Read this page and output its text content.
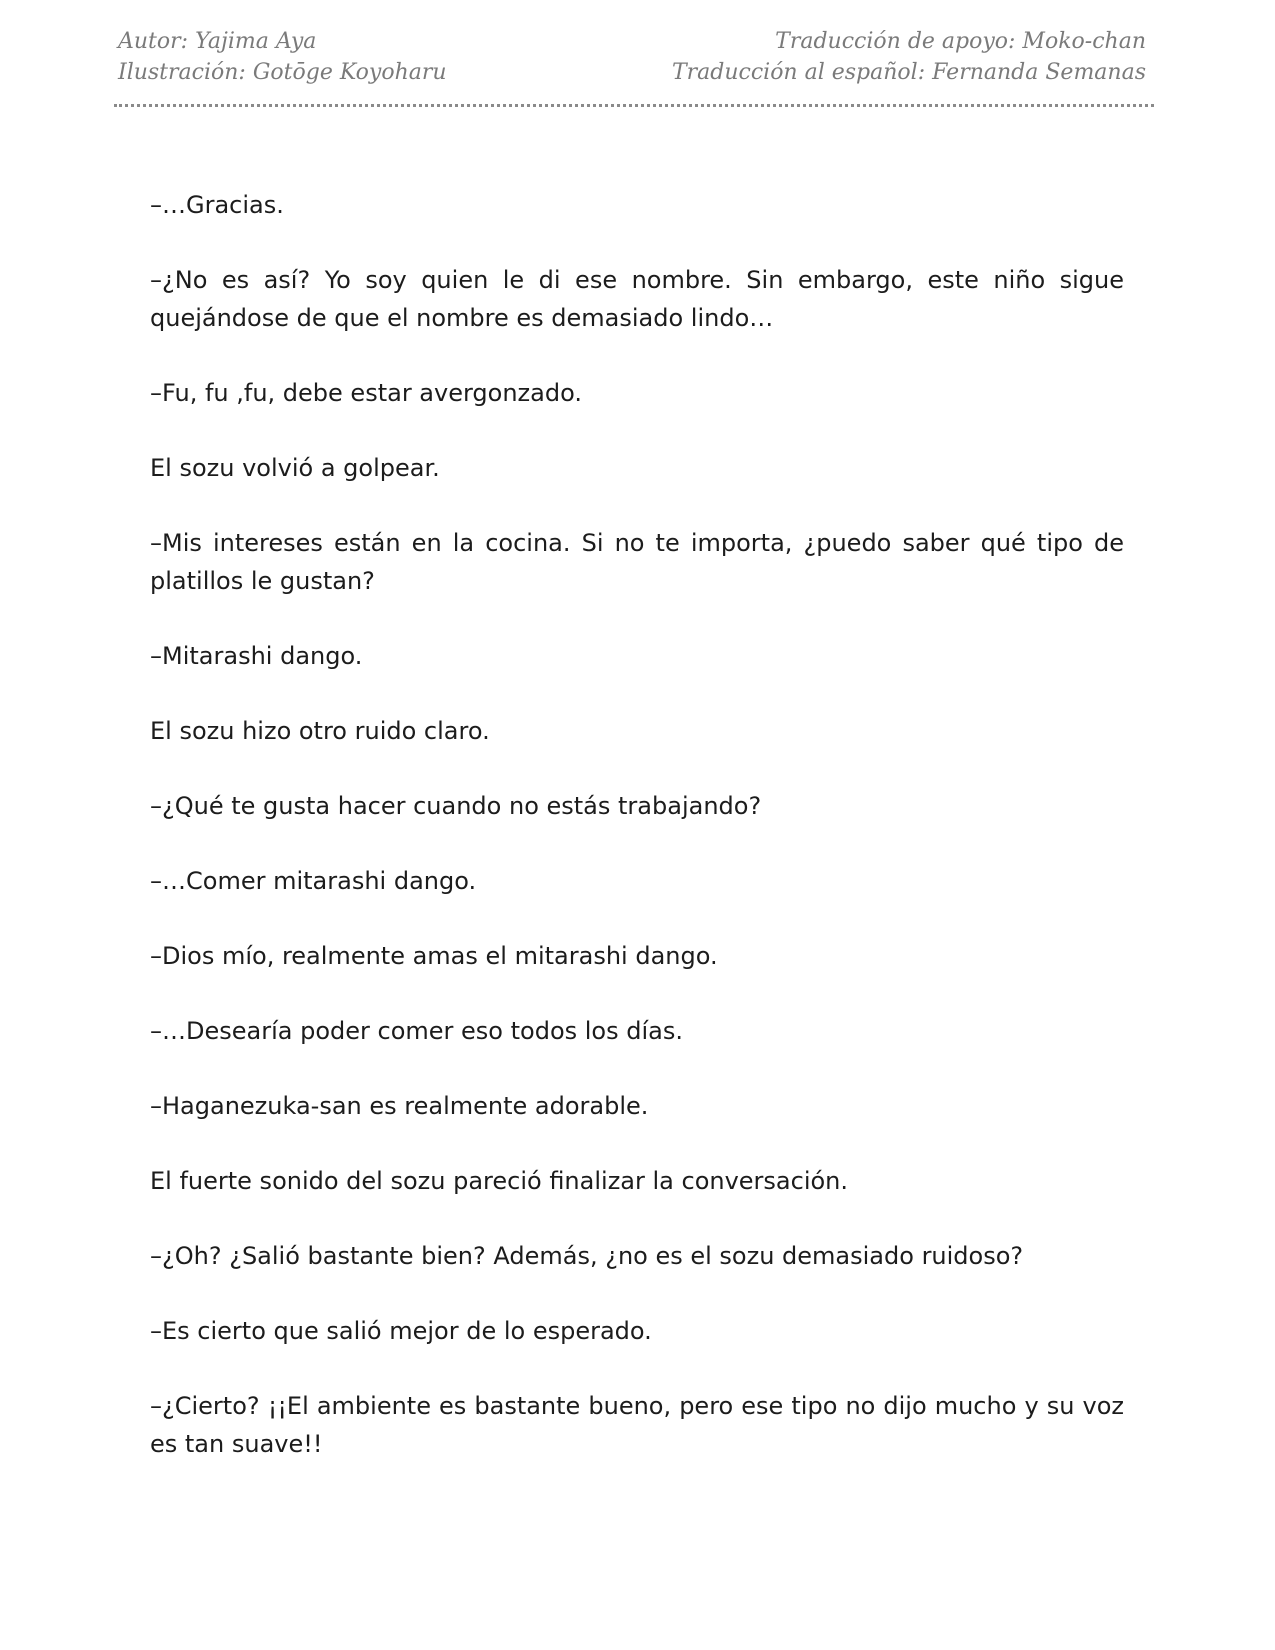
Autor: Yajima Aya
Ilustración: Gotōge Koyoharu
Traducción de apoyo: Moko-chan
Traducción al español: Fernanda Semanas

–…Gracias.

–¿No es así? Yo soy quien le di ese nombre. Sin embargo, este niño sigue quejándose de que el nombre es demasiado lindo…

–Fu, fu ,fu, debe estar avergonzado.

El sozu volvió a golpear.

–Mis intereses están en la cocina. Si no te importa, ¿puedo saber qué tipo de platillos le gustan?

–Mitarashi dango.

El sozu hizo otro ruido claro.

–¿Qué te gusta hacer cuando no estás trabajando?

–…Comer mitarashi dango.

–Dios mío, realmente amas el mitarashi dango.

–…Desearía poder comer eso todos los días.

–Haganezuka-san es realmente adorable.

El fuerte sonido del sozu pareció finalizar la conversación.

–¿Oh? ¿Salió bastante bien? Además, ¿no es el sozu demasiado ruidoso?

–Es cierto que salió mejor de lo esperado.

–¿Cierto? ¡¡El ambiente es bastante bueno, pero ese tipo no dijo mucho y su voz es tan suave!!
